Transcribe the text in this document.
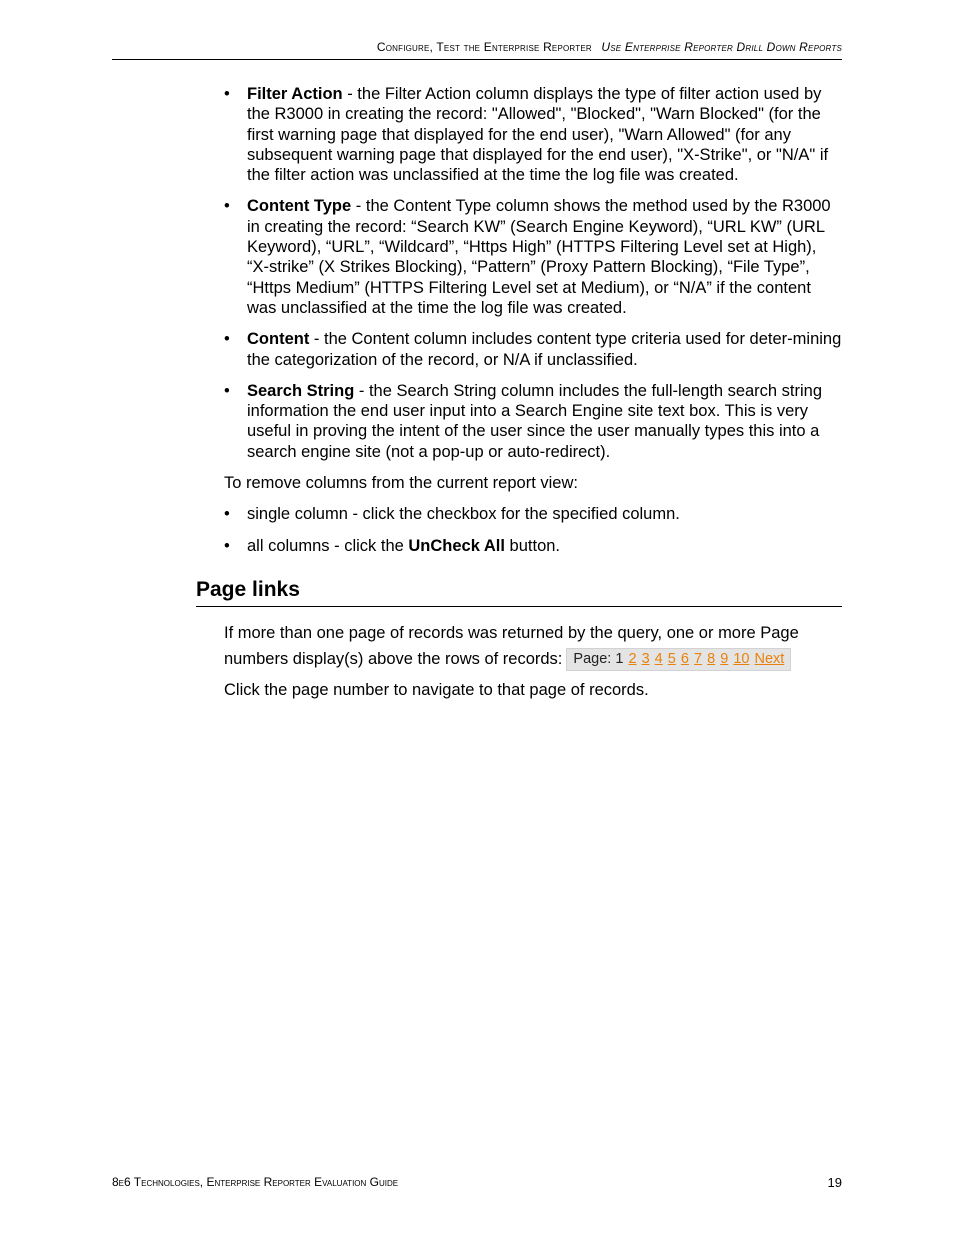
Configure, Test the Enterprise Reporter Use Enterprise Reporter Drill Down Reports
• Filter Action - the Filter Action column displays the type of filter action used by the R3000 in creating the record: "Allowed", "Blocked", "Warn Blocked" (for the first warning page that displayed for the end user), "Warn Allowed" (for any subsequent warning page that displayed for the end user), "X-Strike", or "N/A" if the filter action was unclassified at the time the log file was created.
• Content Type - the Content Type column shows the method used by the R3000 in creating the record: “Search KW” (Search Engine Keyword), “URL KW” (URL Keyword), “URL”, “Wildcard”, “Https High” (HTTPS Filtering Level set at High), “X-strike” (X Strikes Blocking), “Pattern” (Proxy Pattern Blocking), “File Type”, “Https Medium” (HTTPS Filtering Level set at Medium), or “N/A” if the content was unclassified at the time the log file was created.
• Content - the Content column includes content type criteria used for deter-mining the categorization of the record, or N/A if unclassified.
• Search String - the Search String column includes the full-length search string information the end user input into a Search Engine site text box. This is very useful in proving the intent of the user since the user manually types this into a search engine site (not a pop-up or auto-redirect).

To remove columns from the current report view:

• single column - click the checkbox for the specified column.
• all columns - click the UnCheck All button.
Page links

If more than one page of records was returned by the query, one or more Page numbers display(s) above the rows of records: Page: 1 2 3 4 5 6 7 8 9 10 Next

Click the page number to navigate to that page of records.

8e6 Technologies, Enterprise Reporter Evaluation Guide	19
